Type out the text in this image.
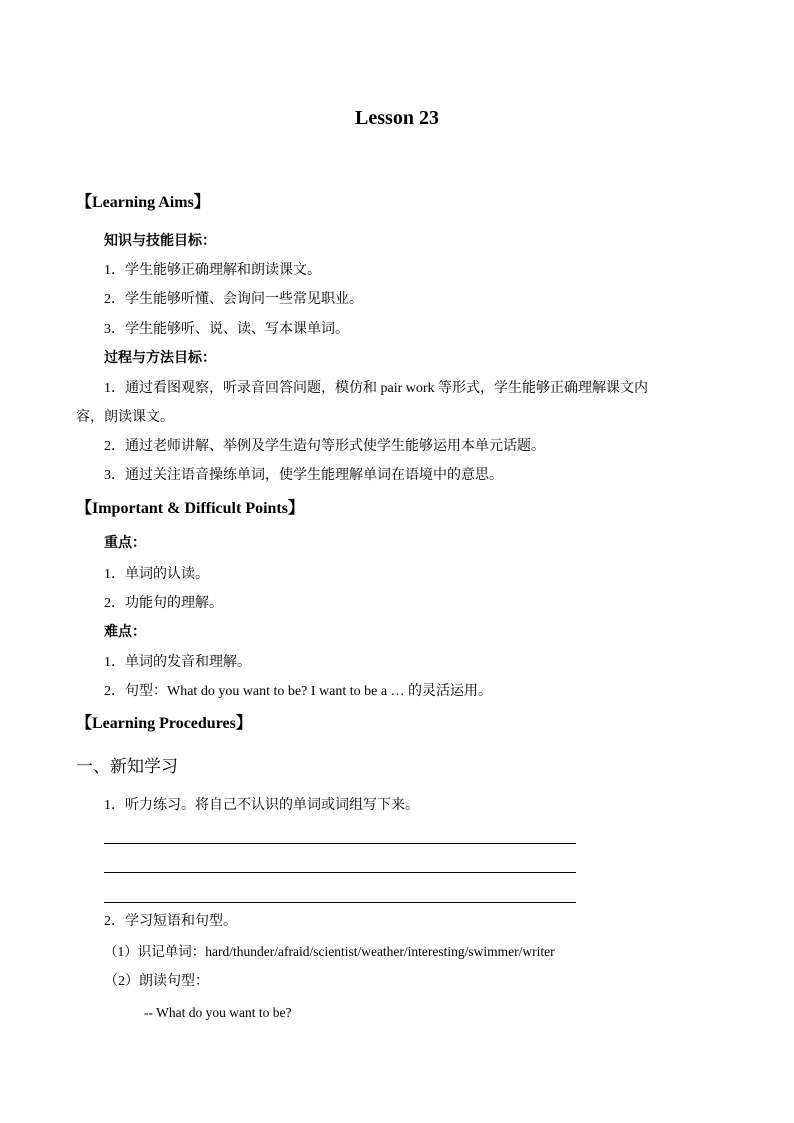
Lesson 23
【Learning Aims】
知识与技能目标：
1．学生能够正确理解和朗读课文。
2．学生能够听懂、会询问一些常见职业。
3．学生能够听、说、读、写本课单词。
过程与方法目标：
1．通过看图观察，听录音回答问题，模仿和 pair work 等形式，学生能够正确理解课文内
容，朗读课文。
2．通过老师讲解、举例及学生造句等形式使学生能够运用本单元话题。
3．通过关注语音操练单词，使学生能理解单词在语境中的意思。
【Important & Difficult Points】
重点：
1．单词的认读。
2．功能句的理解。
难点：
1．单词的发音和理解。
2．句型：What do you want to be? I want to be a … 的灵活运用。
【Learning Procedures】
一、新知学习
1．听力练习。将自己不认识的单词或词组写下来。
2．学习短语和句型。
（1）识记单词：hard/thunder/afraid/scientist/weather/interesting/swimmer/writer
（2）朗读句型：
-- What do you want to be?
